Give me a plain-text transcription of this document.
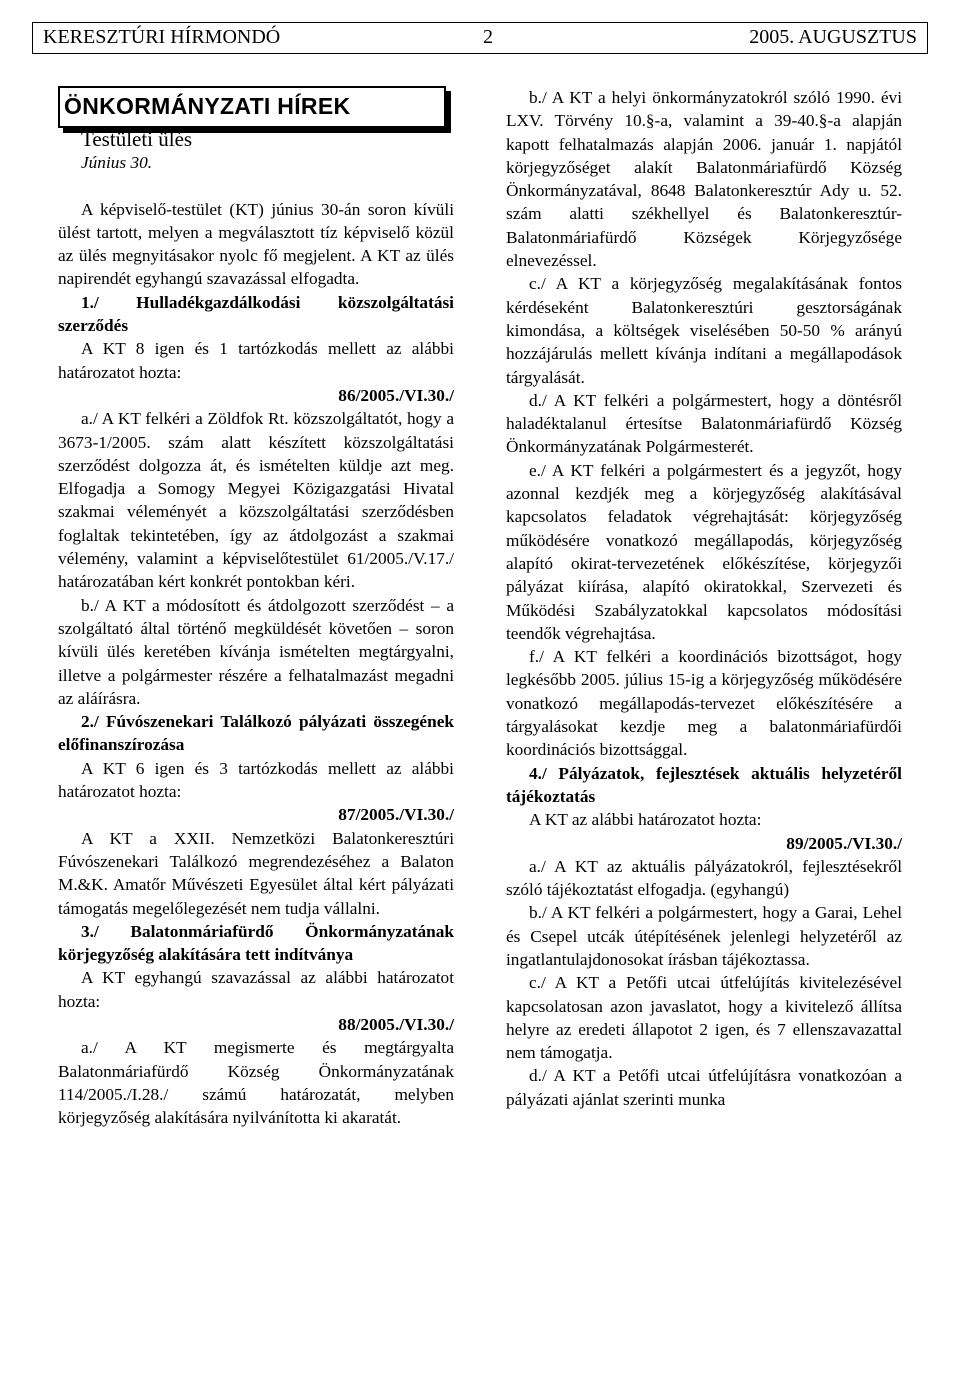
KERESZTÚRI HÍRMONDÓ	2	2005. AUGUSZTUS
ÖNKORMÁNYZATI HÍREK

Testületi ülés

Június 30.

A képviselő-testület (KT) június 30-án soron kívüli ülést tartott, melyen a megválasztott tíz képviselő közül az ülés megnyitásakor nyolc fő megjelent. A KT az ülés napirendét egyhangú szavazással elfogadta.

1./ Hulladékgazdálkodási közszolgáltatási szerződés

A KT 8 igen és 1 tartózkodás mellett az alábbi határozatot hozta:

86/2005./VI.30./

a./ A KT felkéri a Zöldfok Rt. közszolgáltatót, hogy a 3673-1/2005. szám alatt készített közszolgáltatási szerződést dolgozza át, és ismételten küldje azt meg. Elfogadja a Somogy Megyei Közigazgatási Hivatal szakmai véleményét a közszolgáltatási szerződésben foglaltak tekintetében, így az átdolgozást a szakmai vélemény, valamint a képviselőtestület 61/2005./V.17./ határozatában kért konkrét pontokban kéri.

b./ A KT a módosított és átdolgozott szerződést – a szolgáltató által történő megküldését követően – soron kívüli ülés keretében kívánja ismételten megtárgyalni, illetve a polgármester részére a felhatalmazást megadni az aláírásra.

2./ Fúvószenekari Találkozó pályázati összegének előfinanszírozása

A KT 6 igen és 3 tartózkodás mellett az alábbi határozatot hozta:

87/2005./VI.30./

A KT a XXII. Nemzetközi Balatonkeresztúri Fúvószenekari Találkozó megrendezéséhez a Balaton M.&K. Amatőr Művészeti Egyesület által kért pályázati támogatás megelőlegezését nem tudja vállalni.

3./ Balatonmáriafürdő Önkormányzatának körjegyzőség alakítására tett indítványa

A KT egyhangú szavazással az alábbi határozatot hozta:

88/2005./VI.30./

a./ A KT megismerte és megtárgyalta Balatonmáriafürdő Község Önkormányzatának 114/2005./I.28./ számú határozatát, melyben körjegyzőség alakítására nyilvánította ki akaratát.

b./ A KT a helyi önkormányzatokról szóló 1990. évi LXV. Törvény 10.§-a, valamint a 39-40.§-a alapján kapott felhatalmazás alapján 2006. január 1. napjától körjegyzőséget alakít Balatonmáriafürdő Község Önkormányzatával, 8648 Balatonkeresztúr Ady u. 52. szám alatti székhellyel és Balatonkeresztúr-Balatonmáriafürdő Községek Körjegyzősége elnevezéssel.

c./ A KT a körjegyzőség megalakításának fontos kérdéseként Balatonkeresztúri gesztorságának kimondása, a költségek viselésében 50-50 % arányú hozzájárulás mellett kívánja indítani a megállapodások tárgyalását.

d./ A KT felkéri a polgármestert, hogy a döntésről haladéktalanul értesítse Balatonmáriafürdő Község Önkormányzatának Polgármesterét.

e./ A KT felkéri a polgármestert és a jegyzőt, hogy azonnal kezdjék meg a körjegyzőség alakításával kapcsolatos feladatok végrehajtását: körjegyzőség működésére vonatkozó megállapodás, körjegyzőség alapító okirat-tervezetének előkészítése, körjegyzői pályázat kiírása, alapító okiratokkal, Szervezeti és Működési Szabályzatokkal kapcsolatos módosítási teendők végrehajtása.

f./ A KT felkéri a koordinációs bizottságot, hogy legkésőbb 2005. július 15-ig a körjegyzőség működésére vonatkozó megállapodás-tervezet előkészítésére a tárgyalásokat kezdje meg a balatonmáriafürdői koordinációs bizottsággal.

4./ Pályázatok, fejlesztések aktuális helyzetéről tájékoztatás

A KT az alábbi határozatot hozta:

89/2005./VI.30./

a./ A KT az aktuális pályázatokról, fejlesztésekről szóló tájékoztatást elfogadja. (egyhangú)

b./ A KT felkéri a polgármestert, hogy a Garai, Lehel és Csepel utcák útépítésének jelenlegi helyzetéről az ingatlantulajdonosokat írásban tájékoztassa.

c./ A KT a Petőfi utcai útfelújítás kivitelezésével kapcsolatosan azon javaslatot, hogy a kivitelező állítsa helyre az eredeti állapotot 2 igen, és 7 ellenszavazattal nem támogatja.

d./ A KT a Petőfi utcai útfelújításra vonatkozóan a pályázati ajánlat szerinti munka
